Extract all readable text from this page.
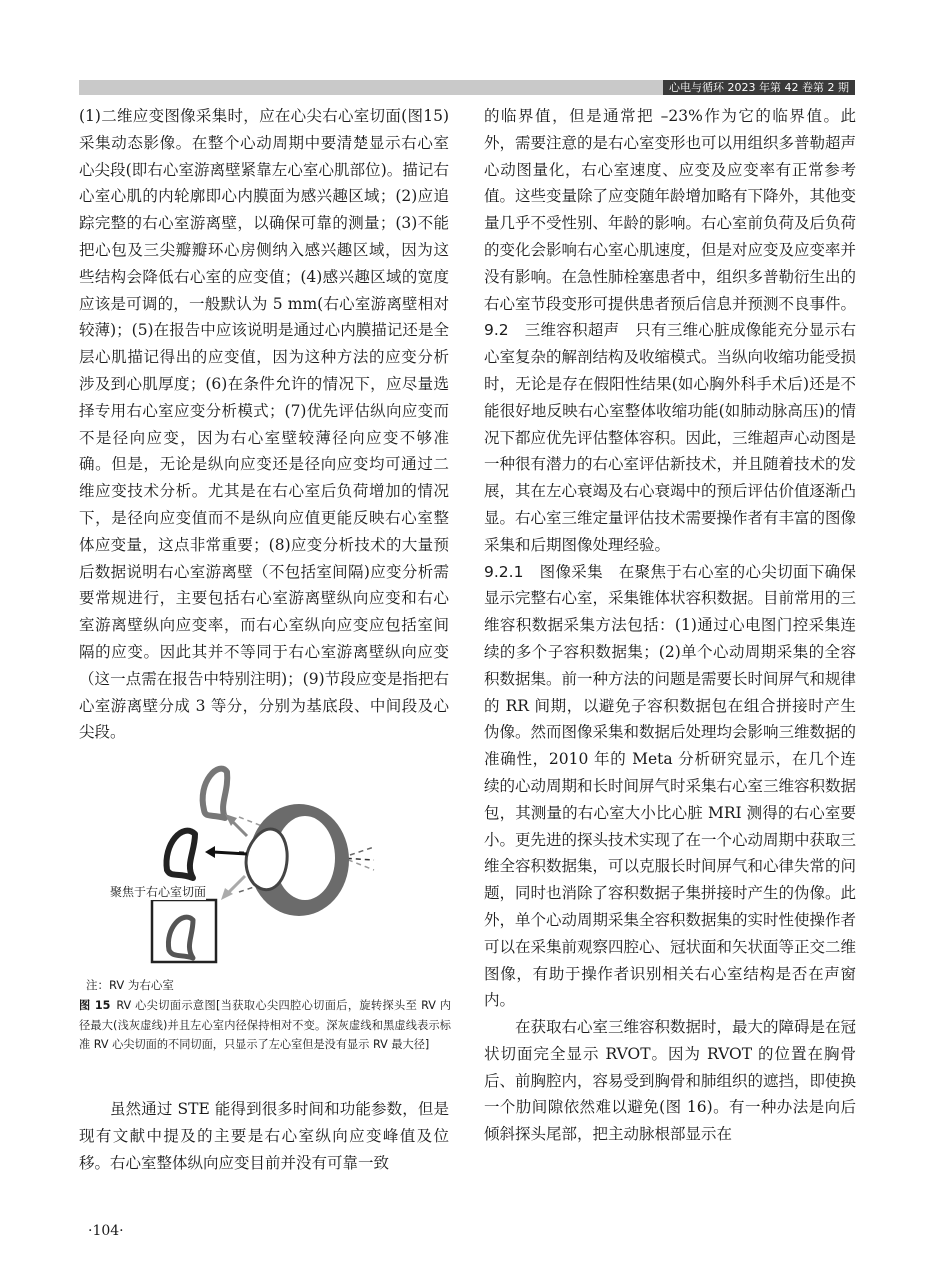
心电与循环 2023 年第 42 卷第 2 期

(1)二维应变图像采集时，应在心尖右心室切面(图15)采集动态影像。在整个心动周期中要清楚显示右心室心尖段(即右心室游离壁紧靠左心室心肌部位)。描记右心室心肌的内轮廓即心内膜面为感兴趣区域；(2)应追踪完整的右心室游离壁，以确保可靠的测量；(3)不能把心包及三尖瓣瓣环心房侧纳入感兴趣区域，因为这些结构会降低右心室的应变值；(4)感兴趣区域的宽度应该是可调的，一般默认为 5 mm(右心室游离壁相对较薄)；(5)在报告中应该说明是通过心内膜描记还是全层心肌描记得出的应变值，因为这种方法的应变分析涉及到心肌厚度；(6)在条件允许的情况下，应尽量选择专用右心室应变分析模式；(7)优先评估纵向应变而不是径向应变，因为右心室壁较薄径向应变不够准确。但是，无论是纵向应变还是径向应变均可通过二维应变技术分析。尤其是在右心室后负荷增加的情况下，是径向应变值而不是纵向应值更能反映右心室整体应变量，这点非常重要；(8)应变分析技术的大量预后数据说明右心室游离壁（不包括室间隔)应变分析需要常规进行，主要包括右心室游离壁纵向应变和右心室游离壁纵向应变率，而右心室纵向应变应包括室间隔的应变。因此其并不等同于右心室游离壁纵向应变（这一点需在报告中特别注明)；(9)节段应变是指把右心室游离壁分成 3 等分，分别为基底段、中间段及心尖段。

聚焦于右心室切面
注：RV 为右心室
图 15 RV 心尖切面示意图[当获取心尖四腔心切面后，旋转探头至 RV 内径最大(浅灰虚线)并且左心室内径保持相对不变。深灰虚线和黑虚线表示标准 RV 心尖切面的不同切面，只显示了左心室但是没有显示 RV 最大径]

虽然通过 STE 能得到很多时间和功能参数，但是现有文献中提及的主要是右心室纵向应变峰值及位移。右心室整体纵向应变目前并没有可靠一致

的临界值，但是通常把 –23%作为它的临界值。此外，需要注意的是右心室变形也可以用组织多普勒超声心动图量化，右心室速度、应变及应变率有正常参考值。这些变量除了应变随年龄增加略有下降外，其他变量几乎不受性别、年龄的影响。右心室前负荷及后负荷的变化会影响右心室心肌速度，但是对应变及应变率并没有影响。在急性肺栓塞患者中，组织多普勒衍生出的右心室节段变形可提供患者预后信息并预测不良事件。

9.2　三维容积超声　 只有三维心脏成像能充分显示右心室复杂的解剖结构及收缩模式。当纵向收缩功能受损时，无论是存在假阳性结果(如心胸外科手术后)还是不能很好地反映右心室整体收缩功能(如肺动脉高压)的情况下都应优先评估整体容积。因此，三维超声心动图是一种很有潜力的右心室评估新技术，并且随着技术的发展，其在左心衰竭及右心衰竭中的预后评估价值逐渐凸显。右心室三维定量评估技术需要操作者有丰富的图像采集和后期图像处理经验。

9.2.1　图像采集　 在聚焦于右心室的心尖切面下确保显示完整右心室，采集锥体状容积数据。目前常用的三维容积数据采集方法包括：(1)通过心电图门控采集连续的多个子容积数据集；(2)单个心动周期采集的全容积数据集。前一种方法的问题是需要长时间屏气和规律的 RR 间期，以避免子容积数据包在组合拼接时产生伪像。然而图像采集和数据后处理均会影响三维数据的准确性，2010 年的 Meta 分析研究显示，在几个连续的心动周期和长时间屏气时采集右心室三维容积数据包，其测量的右心室大小比心脏 MRI 测得的右心室要小。更先进的探头技术实现了在一个心动周期中获取三维全容积数据集，可以克服长时间屏气和心律失常的问题，同时也消除了容积数据子集拼接时产生的伪像。此外，单个心动周期采集全容积数据集的实时性使操作者可以在采集前观察四腔心、冠状面和矢状面等正交二维图像，有助于操作者识别相关右心室结构是否在声窗内。

在获取右心室三维容积数据时，最大的障碍是在冠状切面完全显示 RVOT。因为 RVOT 的位置在胸骨后、前胸腔内，容易受到胸骨和肺组织的遮挡，即使换一个肋间隙依然难以避免(图 16)。有一种办法是向后倾斜探头尾部，把主动脉根部显示在

·104·
